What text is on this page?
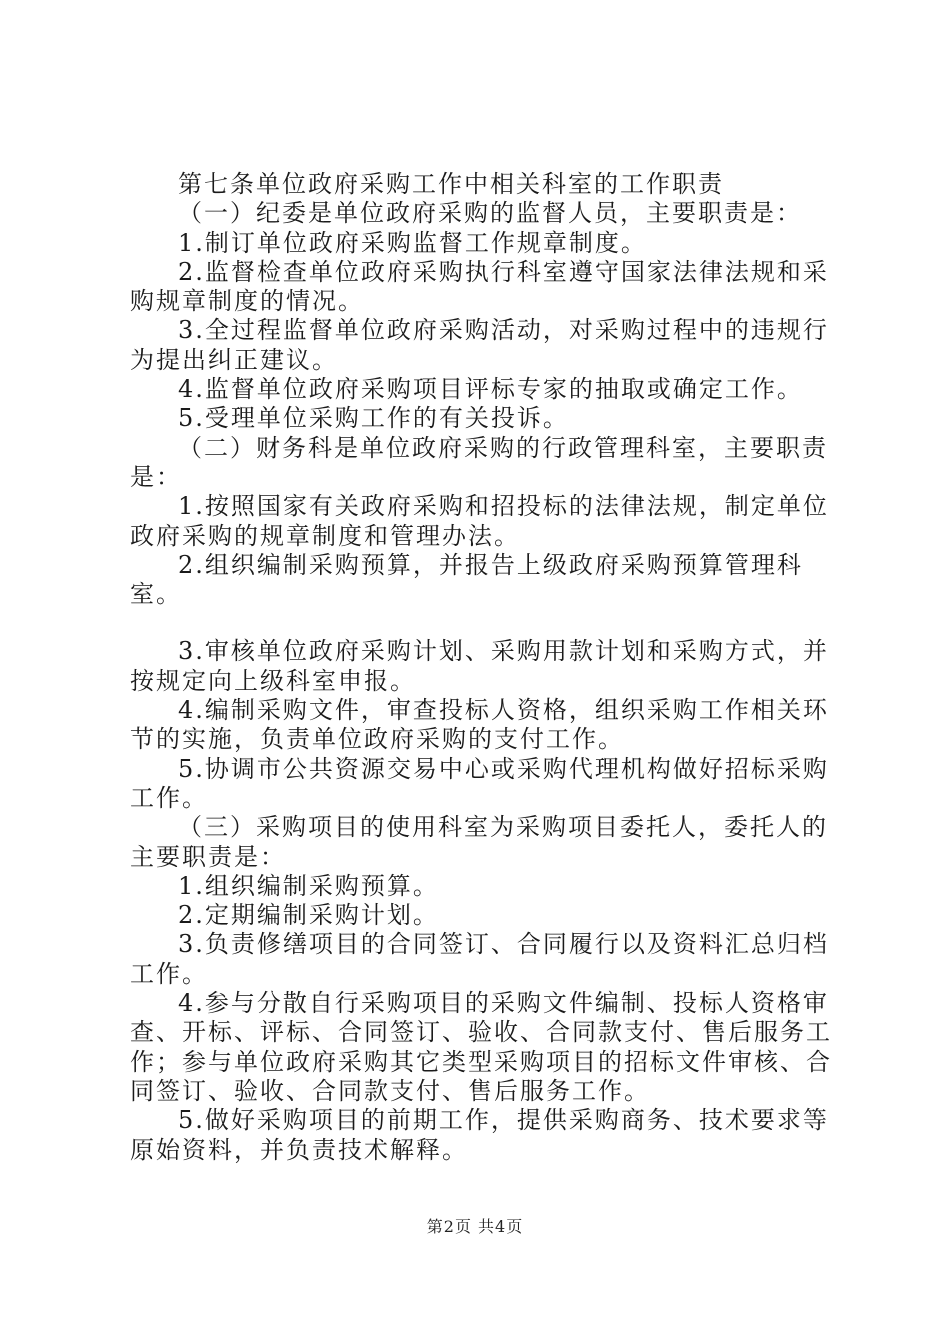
第七条单位政府采购工作中相关科室的工作职责

（一）纪委是单位政府采购的监督人员，主要职责是：

1.制订单位政府采购监督工作规章制度。

2.监督检查单位政府采购执行科室遵守国家法律法规和采购规章制度的情况。

3.全过程监督单位政府采购活动，对采购过程中的违规行为提出纠正建议。

4.监督单位政府采购项目评标专家的抽取或确定工作。

5.受理单位采购工作的有关投诉。

（二）财务科是单位政府采购的行政管理科室，主要职责是：

1.按照国家有关政府采购和招投标的法律法规，制定单位政府采购的规章制度和管理办法。

2.组织编制采购预算，并报告上级政府采购预算管理科室。

3.审核单位政府采购计划、采购用款计划和采购方式，并按规定向上级科室申报。

4.编制采购文件，审查投标人资格，组织采购工作相关环节的实施，负责单位政府采购的支付工作。

5.协调市公共资源交易中心或采购代理机构做好招标采购工作。

（三）采购项目的使用科室为采购项目委托人，委托人的主要职责是：

1.组织编制采购预算。

2.定期编制采购计划。

3.负责修缮项目的合同签订、合同履行以及资料汇总归档工作。

4.参与分散自行采购项目的采购文件编制、投标人资格审查、开标、评标、合同签订、验收、合同款支付、售后服务工作；参与单位政府采购其它类型采购项目的招标文件审核、合同签订、验收、合同款支付、售后服务工作。

5.做好采购项目的前期工作，提供采购商务、技术要求等原始资料，并负责技术解释。

第2页 共4页
